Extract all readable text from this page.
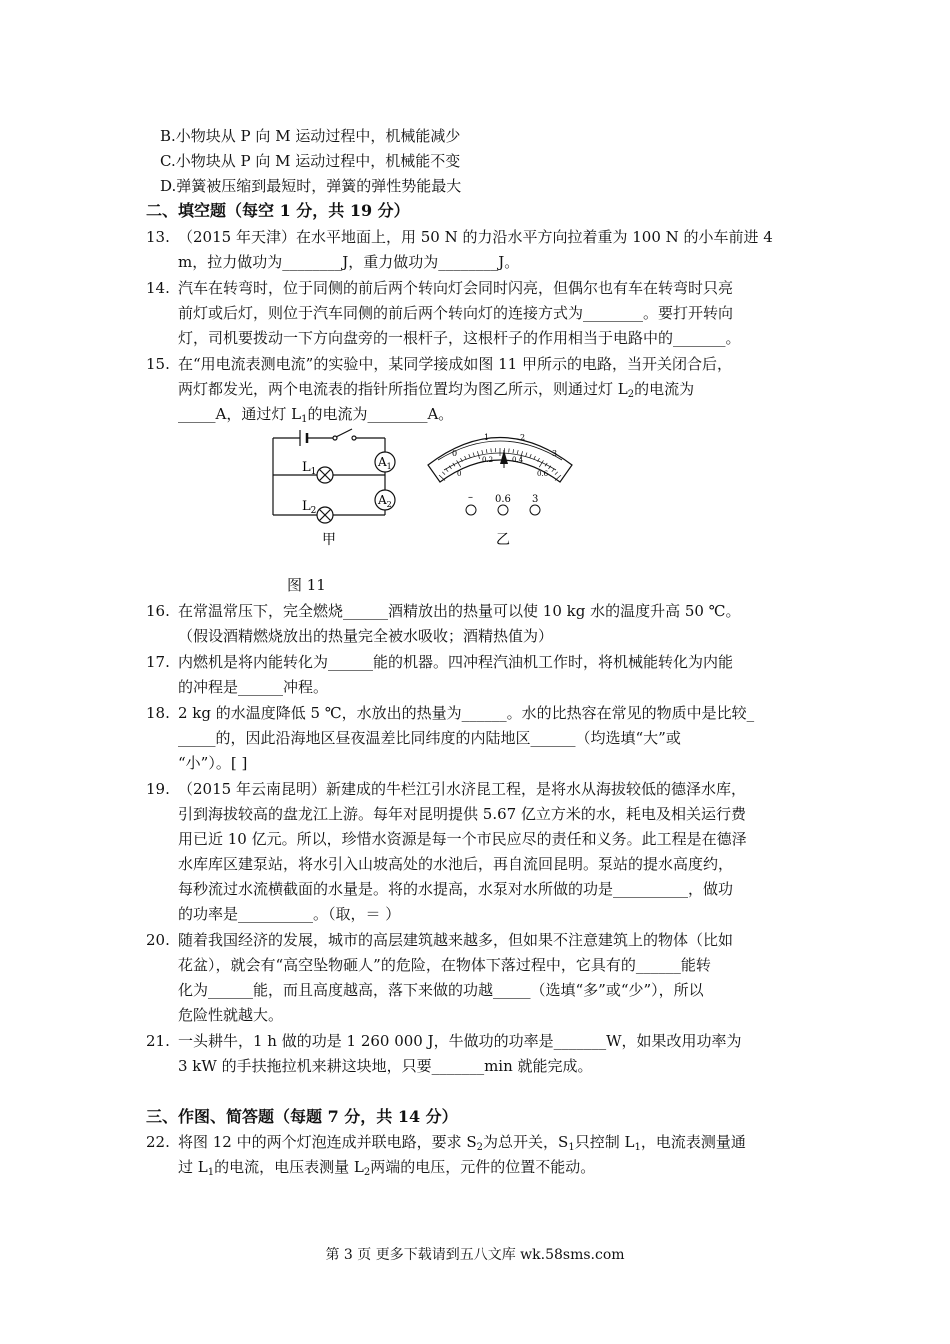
B.小物块从 P 向 M 运动过程中，机械能减少
C.小物块从 P 向 M 运动过程中，机械能不变
D.弹簧被压缩到最短时，弹簧的弹性势能最大
二、填空题（每空 1 分，共 19 分）
13. （2015 年天津）在水平地面上，用 50 N 的力沿水平方向拉着重为 100 N 的小车前进 4
m，拉力做功为________J，重力做功为________J。
14. 汽车在转弯时，位于同侧的前后两个转向灯会同时闪亮，但偶尔也有车在转弯时只亮
前灯或后灯，则位于汽车同侧的前后两个转向灯的连接方式为________。要打开转向
灯，司机要拨动一下方向盘旁的一根杆子，这根杆子的作用相当于电路中的_______。
15. 在“用电流表测电流”的实验中，某同学接成如图 11 甲所示的电路，当开关闭合后，
两灯都发光，两个电流表的指针所指位置均为图乙所示，则通过灯 $L_2$的电流为
_____A，通过灯 $L_1$的电流为________A。
$L_1$
$L_2$
$A_1$
$A_2$
甲
0
1	2
3
0
0.2	0.4
0.6
– 0.6 3
乙
图 11
16. 在常温常压下，完全燃烧______酒精放出的热量可以使 10 kg 水的温度升高 50 ℃。
（假设酒精燃烧放出的热量完全被水吸收；酒精热值为）
17. 内燃机是将内能转化为______能的机器。四冲程汽油机工作时，将机械能转化为内能
的冲程是______冲程。
18. 2 kg 的水温度降低 5 ℃，水放出的热量为______。水的比热容在常见的物质中是比较_
_____的，因此沿海地区昼夜温差比同纬度的内陆地区______（均选填“大”或
“小”）。[ ]
19. （2015 年云南昆明）新建成的牛栏江引水济昆工程，是将水从海拔较低的德泽水库，
引到海拔较高的盘龙江上游。每年对昆明提供 5.67 亿立方米的水，耗电及相关运行费
用已近 10 亿元。所以，珍惜水资源是每一个市民应尽的责任和义务。此工程是在德泽
水库库区建泵站，将水引入山坡高处的水池后，再自流回昆明。泵站的提水高度约，
每秒流过水流横截面的水量是。将的水提高，水泵对水所做的功是__________，做功
的功率是__________。（取，＝ ）
20. 随着我国经济的发展，城市的高层建筑越来越多，但如果不注意建筑上的物体（比如
花盆），就会有“高空坠物砸人”的危险，在物体下落过程中，它具有的______能转
化为______能，而且高度越高，落下来做的功越_____（选填“多”或“少”），所以
危险性就越大。
21. 一头耕牛，1 h 做的功是 1 260 000 J，牛做功的功率是_______W，如果改用功率为
3 kW 的手扶拖拉机来耕这块地，只要_______min 就能完成。
三、作图、简答题（每题 7 分，共 14 分）
22. 将图 12 中的两个灯泡连成并联电路，要求 $S_2$为总开关，$S_1$只控制 $L_1$，电流表测量通
过 $L_1$的电流，电压表测量 $L_2$两端的电压，元件的位置不能动。
第 3 页 更多下载请到五八文库 wk.58sms.com
